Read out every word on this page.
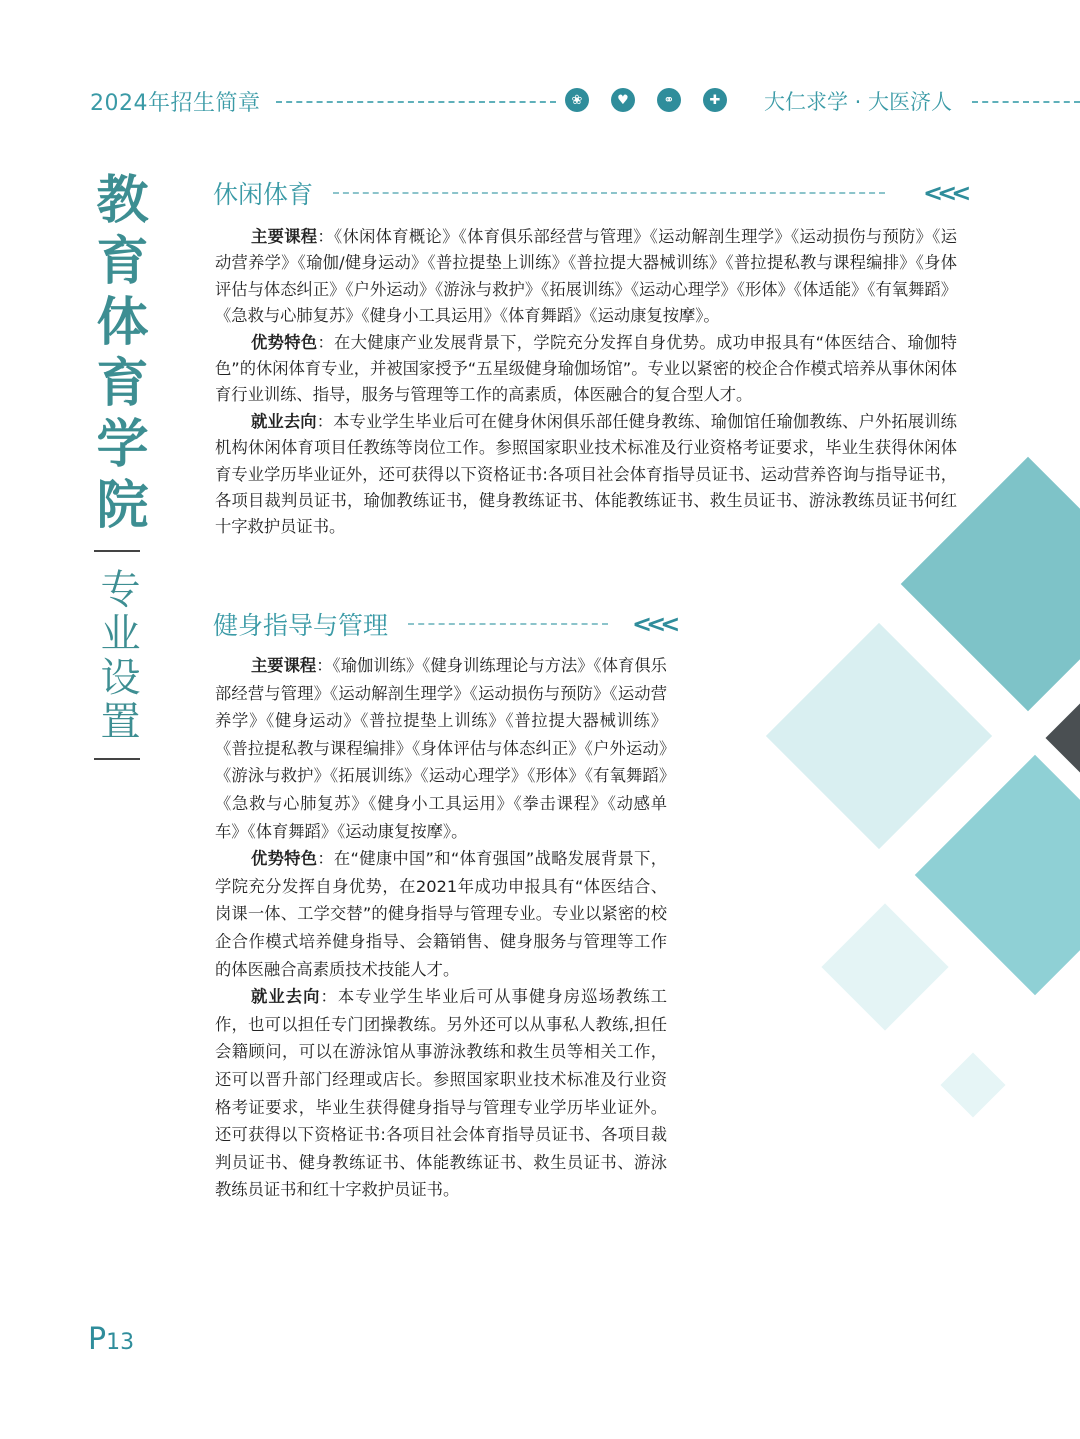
2024年招生简章	❀	♥	⚭	✚	大仁求学 · 大医济人
教育体育学院
专业设置
休闲体育	<<<

主要课程：《休闲体育概论》《体育俱乐部经营与管理》《运动解剖生理学》《运动损伤与预防》《运动营养学》《瑜伽/健身运动》《普拉提垫上训练》《普拉提大器械训练》《普拉提私教与课程编排》《身体评估与体态纠正》《户外运动》《游泳与救护》《拓展训练》《运动心理学》《形体》《体适能》《有氧舞蹈》《急救与心肺复苏》《健身小工具运用》《体育舞蹈》《运动康复按摩》。

优势特色：在大健康产业发展背景下，学院充分发挥自身优势。成功申报具有“体医结合、瑜伽特色”的休闲体育专业，并被国家授予“五星级健身瑜伽场馆”。专业以紧密的校企合作模式培养从事休闲体育行业训练、指导，服务与管理等工作的高素质，体医融合的复合型人才。

就业去向：本专业学生毕业后可在健身休闲俱乐部任健身教练、瑜伽馆任瑜伽教练、户外拓展训练机构休闲体育项目任教练等岗位工作。参照国家职业技术标准及行业资格考证要求，毕业生获得休闲体育专业学历毕业证外，还可获得以下资格证书:各项目社会体育指导员证书、运动营养咨询与指导证书，各项目裁判员证书，瑜伽教练证书，健身教练证书、体能教练证书、救生员证书、游泳教练员证书何红十字救护员证书。

健身指导与管理	<<<

主要课程：《瑜伽训练》《健身训练理论与方法》《体育俱乐部经营与管理》《运动解剖生理学》《运动损伤与预防》《运动营养学》《健身运动》《普拉提垫上训练》《普拉提大器械训练》《普拉提私教与课程编排》《身体评估与体态纠正》《户外运动》《游泳与救护》《拓展训练》《运动心理学》《形体》《有氧舞蹈》《急救与心肺复苏》《健身小工具运用》《拳击课程》《动感单车》《体育舞蹈》《运动康复按摩》。

优势特色：在“健康中国”和“体育强国”战略发展背景下，学院充分发挥自身优势，在2021年成功申报具有“体医结合、岗课一体、工学交替”的健身指导与管理专业。专业以紧密的校企合作模式培养健身指导、会籍销售、健身服务与管理等工作的体医融合高素质技术技能人才。

就业去向：本专业学生毕业后可从事健身房巡场教练工作，也可以担任专门团操教练。另外还可以从事私人教练,担任会籍顾问，可以在游泳馆从事游泳教练和救生员等相关工作，还可以晋升部门经理或店长。参照国家职业技术标准及行业资格考证要求，毕业生获得健身指导与管理专业学历毕业证外。还可获得以下资格证书:各项目社会体育指导员证书、各项目裁判员证书、健身教练证书、体能教练证书、救生员证书、游泳教练员证书和红十字救护员证书。

P13
